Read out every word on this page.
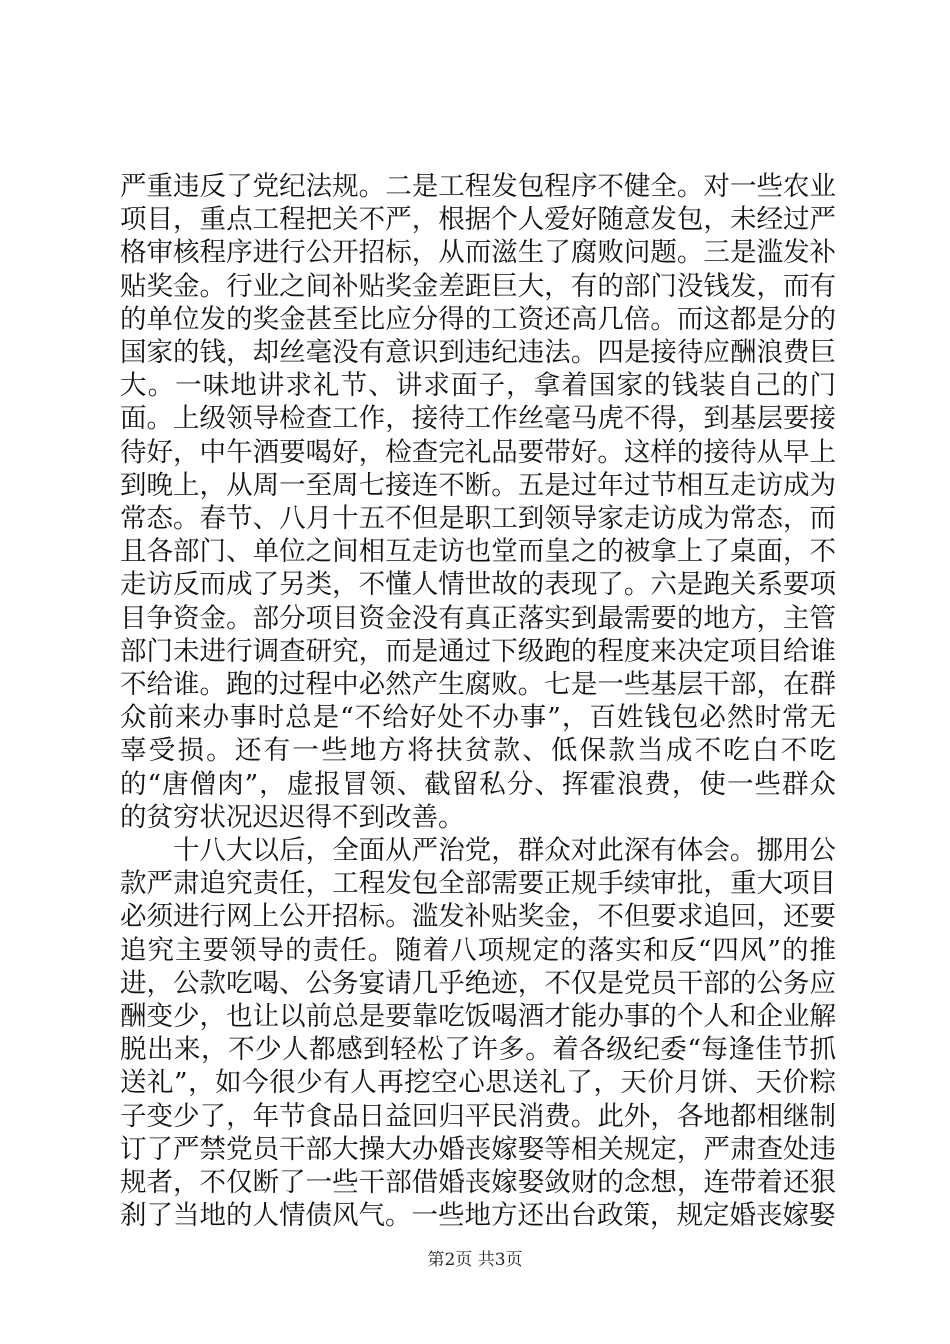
严重违反了党纪法规。二是工程发包程序不健全。对一些农业项目，重点工程把关不严，根据个人爱好随意发包，未经过严格审核程序进行公开招标，从而滋生了腐败问题。三是滥发补贴奖金。行业之间补贴奖金差距巨大，有的部门没钱发，而有的单位发的奖金甚至比应分得的工资还高几倍。而这都是分的国家的钱，却丝毫没有意识到违纪违法。四是接待应酬浪费巨大。一味地讲求礼节、讲求面子，拿着国家的钱装自己的门面。上级领导检查工作，接待工作丝毫马虎不得，到基层要接待好，中午酒要喝好，检查完礼品要带好。这样的接待从早上到晚上，从周一至周七接连不断。五是过年过节相互走访成为常态。春节、八月十五不但是职工到领导家走访成为常态，而且各部门、单位之间相互走访也堂而皇之的被拿上了桌面，不走访反而成了另类，不懂人情世故的表现了。六是跑关系要项目争资金。部分项目资金没有真正落实到最需要的地方，主管部门未进行调查研究，而是通过下级跑的程度来决定项目给谁不给谁。跑的过程中必然产生腐败。七是一些基层干部，在群众前来办事时总是“不给好处不办事”，百姓钱包必然时常无辜受损。还有一些地方将扶贫款、低保款当成不吃白不吃的“唐僧肉”，虚报冒领、截留私分、挥霍浪费，使一些群众的贫穷状况迟迟得不到改善。

十八大以后，全面从严治党，群众对此深有体会。挪用公款严肃追究责任，工程发包全部需要正规手续审批，重大项目必须进行网上公开招标。滥发补贴奖金，不但要求追回，还要追究主要领导的责任。随着八项规定的落实和反“四风”的推进，公款吃喝、公务宴请几乎绝迹，不仅是党员干部的公务应酬变少，也让以前总是要靠吃饭喝酒才能办事的个人和企业解脱出来，不少人都感到轻松了许多。着各级纪委“每逢佳节抓送礼”，如今很少有人再挖空心思送礼了，天价月饼、天价粽子变少了，年节食品日益回归平民消费。此外，各地都相继制订了严禁党员干部大操大办婚丧嫁娶等相关规定，严肃查处违规者，不仅断了一些干部借婚丧嫁娶敛财的念想，连带着还狠刹了当地的人情债风气。一些地方还出台政策，规定婚丧嫁娶

第2页 共3页
